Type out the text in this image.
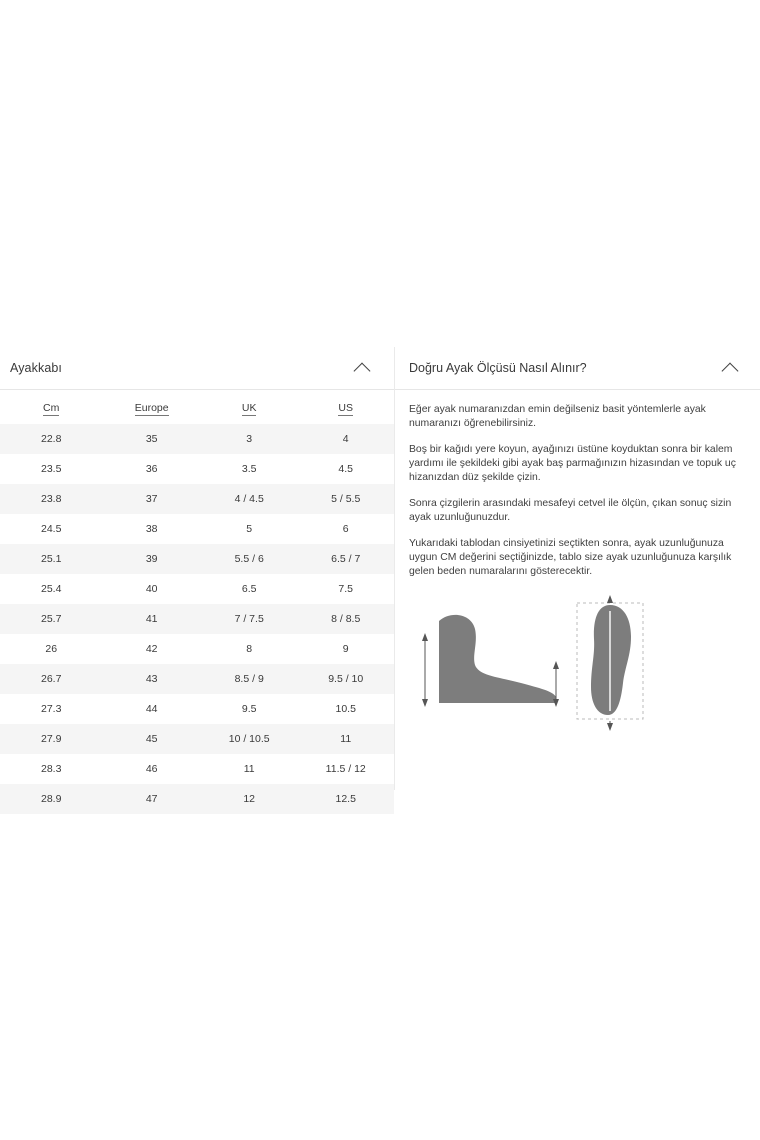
Ayakkabı
Cm	Europe	UK	US
22.8	35	3	4
23.5	36	3.5	4.5
23.8	37	4 / 4.5	5 / 5.5
24.5	38	5	6
25.1	39	5.5 / 6	6.5 / 7
25.4	40	6.5	7.5
25.7	41	7 / 7.5	8 / 8.5
26	42	8	9
26.7	43	8.5 / 9	9.5 / 10
27.3	44	9.5	10.5
27.9	45	10 / 10.5	11
28.3	46	11	11.5 / 12
28.9	47	12	12.5
Doğru Ayak Ölçüsü Nasıl Alınır?

Eğer ayak numaranızdan emin değilseniz basit yöntemlerle ayak numaranızı öğrenebilirsiniz.

Boş bir kağıdı yere koyun, ayağınızı üstüne koyduktan sonra bir kalem yardımı ile şekildeki gibi ayak baş parmağınızın hizasından ve topuk uç hizanızdan düz şekilde çizin.

Sonra çizgilerin arasındaki mesafeyi cetvel ile ölçün, çıkan sonuç sizin ayak uzunluğunuzdur.

Yukarıdaki tablodan cinsiyetinizi seçtikten sonra, ayak uzunluğunuza uygun CM değerini seçtiğinizde, tablo size ayak uzunluğunuza karşılık gelen beden numaralarını gösterecektir.
